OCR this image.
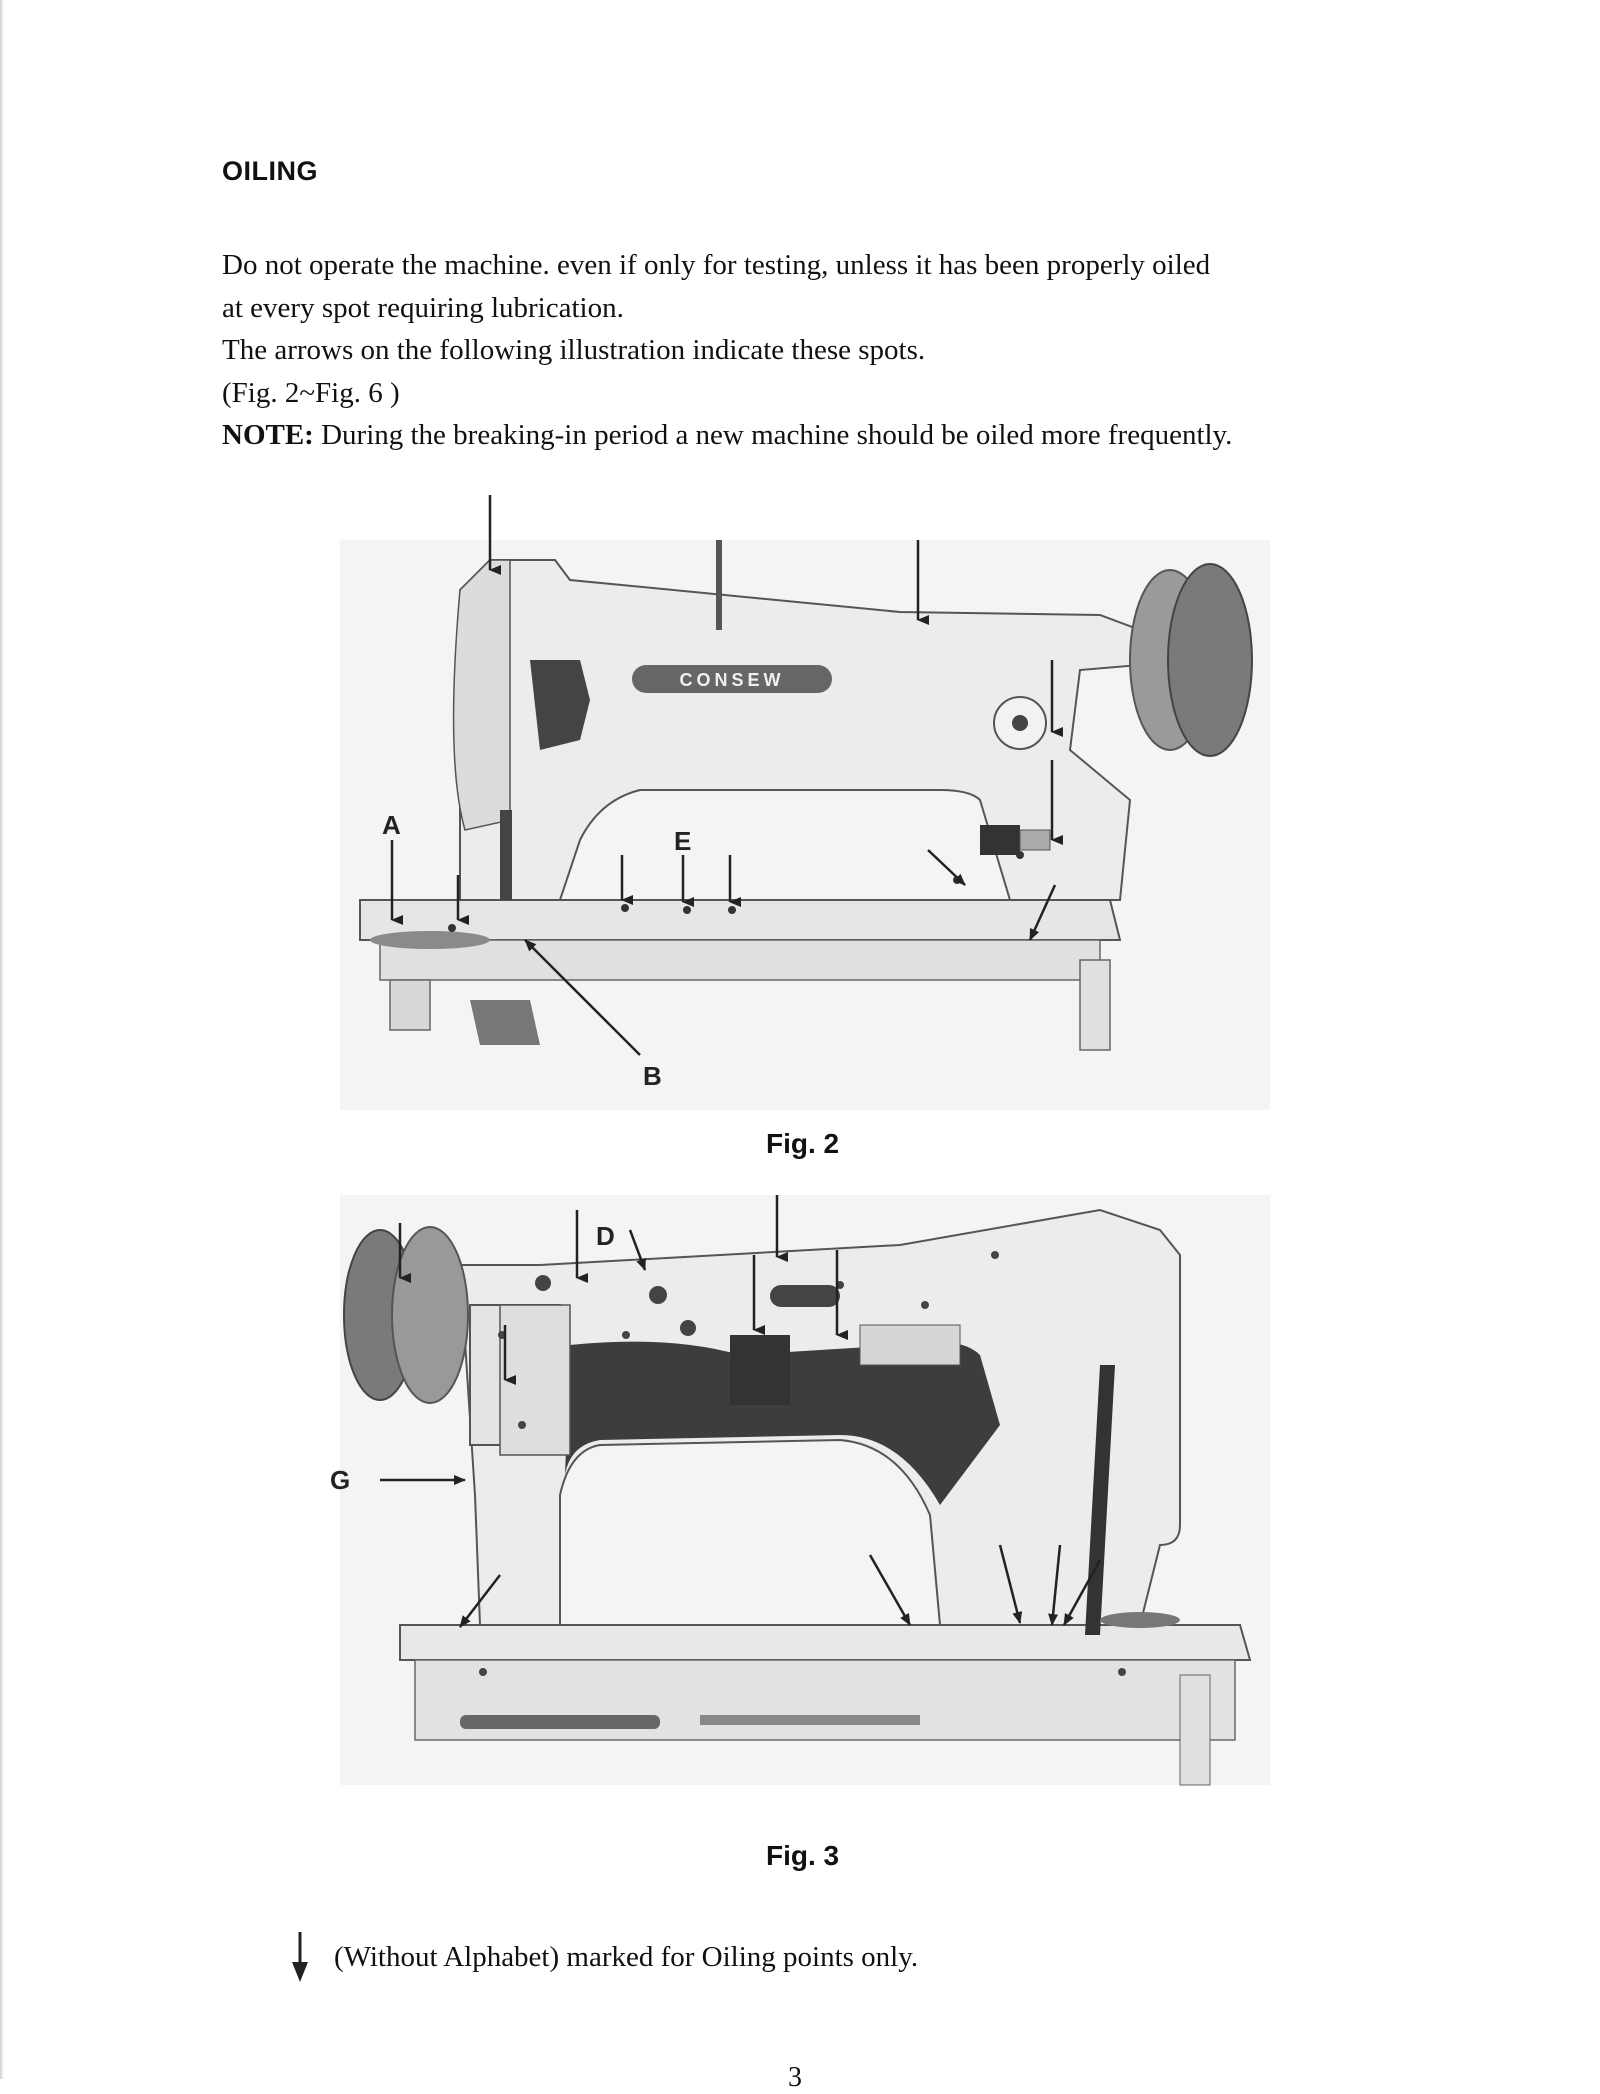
OILING

Do not operate the machine. even if only for testing, unless it has been properly oiled

at every spot requiring lubrication.

The arrows on the following illustration indicate these spots.

(Fig. 2~Fig. 6 )

NOTE: During the breaking-in period a new machine should be oiled more frequently.

CONSEW
A
B
E
Fig. 2
D
G
Fig. 3
(Without Alphabet) marked for Oiling points only.
3
